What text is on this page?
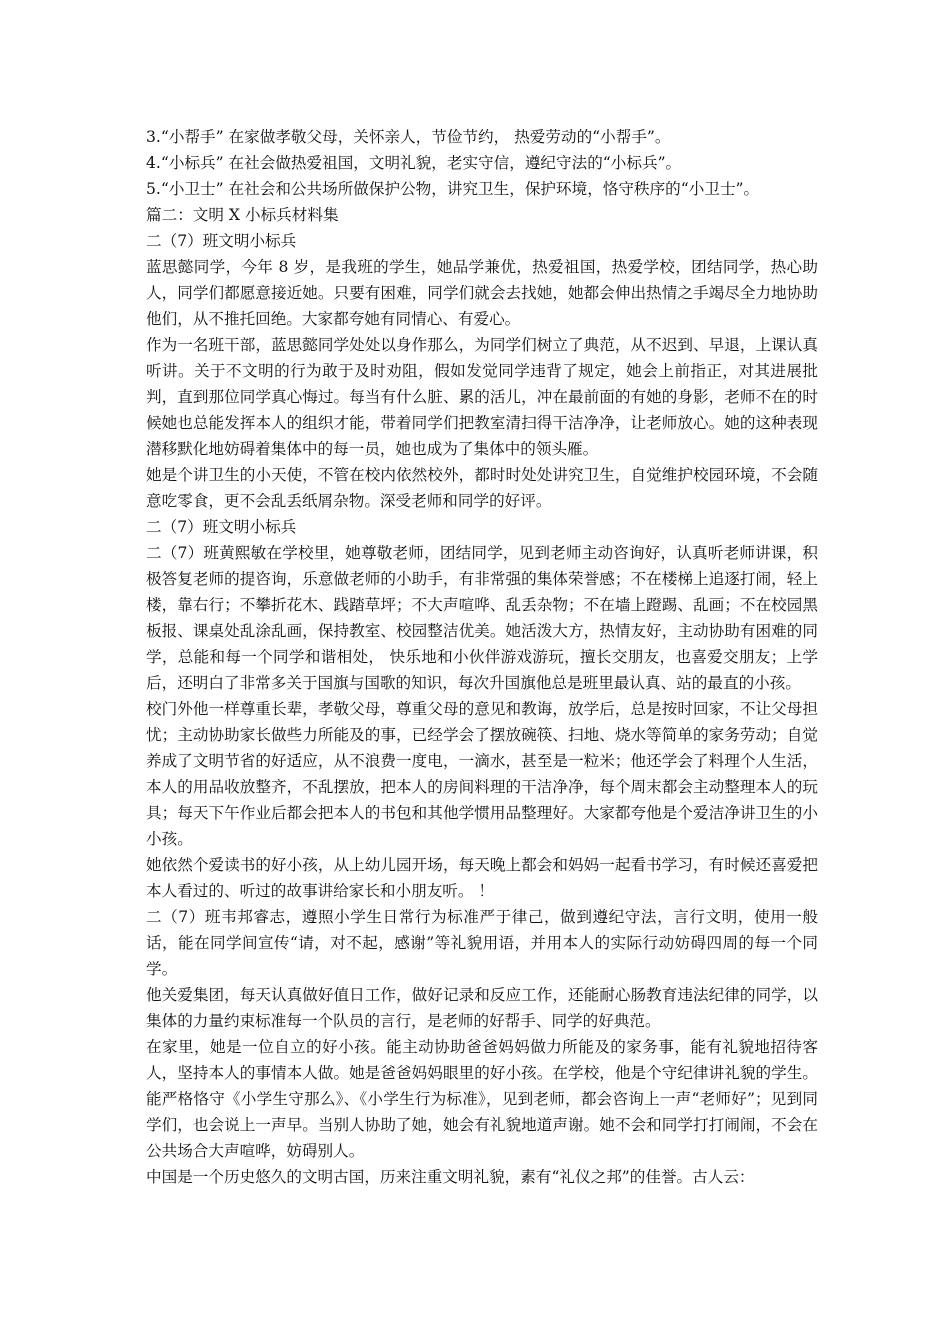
3.“小帮手” 在家做孝敬父母，关怀亲人，节俭节约， 热爱劳动的“小帮手”。

4.“小标兵” 在社会做热爱祖国，文明礼貌，老实守信，遵纪守法的“小标兵”。

5.“小卫士” 在社会和公共场所做保护公物，讲究卫生，保护环境，恪守秩序的“小卫士”。

篇二：文明 X 小标兵材料集

二（7）班文明小标兵

蓝思懿同学，今年 8 岁，是我班的学生，她品学兼优，热爱祖国，热爱学校，团结同学，热心助人，同学们都愿意接近她。只要有困难，同学们就会去找她，她都会伸出热情之手竭尽全力地协助他们，从不推托回绝。大家都夸她有同情心、有爱心。

作为一名班干部，蓝思懿同学处处以身作那么，为同学们树立了典范，从不迟到、早退，上课认真听讲。关于不文明的行为敢于及时劝阻，假如发觉同学违背了规定，她会上前指正，对其进展批判，直到那位同学真心悔过。每当有什么脏、累的活儿，冲在最前面的有她的身影，老师不在的时候她也总能发挥本人的组织才能，带着同学们把教室清扫得干洁净净，让老师放心。她的这种表现潜移默化地妨碍着集体中的每一员，她也成为了集体中的领头雁。

她是个讲卫生的小天使，不管在校内依然校外，都时时处处讲究卫生，自觉维护校园环境，不会随意吃零食，更不会乱丢纸屑杂物。深受老师和同学的好评。

二（7）班文明小标兵

二（7）班黄熙敏在学校里，她尊敬老师，团结同学，见到老师主动咨询好，认真听老师讲课，积极答复老师的提咨询，乐意做老师的小助手，有非常强的集体荣誉感；不在楼梯上追逐打闹，轻上楼，靠右行；不攀折花木、践踏草坪；不大声喧哗、乱丢杂物；不在墙上蹬踢、乱画；不在校园黑板报、课桌处乱涂乱画，保持教室、校园整洁优美。她活泼大方，热情友好，主动协助有困难的同学，总能和每一个同学和谐相处， 快乐地和小伙伴游戏游玩，擅长交朋友，也喜爱交朋友；上学后，还明白了非常多关于国旗与国歌的知识，每次升国旗他总是班里最认真、站的最直的小孩。

校门外他一样尊重长辈，孝敬父母，尊重父母的意见和教诲，放学后，总是按时回家，不让父母担忧；主动协助家长做些力所能及的事，已经学会了摆放碗筷、扫地、烧水等简单的家务劳动；自觉养成了文明节省的好适应，从不浪费一度电，一滴水，甚至是一粒米；他还学会了料理个人生活，本人的用品收放整齐，不乱摆放，把本人的房间料理的干洁净净，每个周末都会主动整理本人的玩具；每天下午作业后都会把本人的书包和其他学惯用品整理好。大家都夸他是个爱洁净讲卫生的小小孩。

她依然个爱读书的好小孩，从上幼儿园开场，每天晚上都会和妈妈一起看书学习，有时候还喜爱把本人看过的、听过的故事讲给家长和小朋友听。 ！

二（7）班韦邦睿志，遵照小学生日常行为标准严于律己，做到遵纪守法，言行文明，使用一般话，能在同学间宣传“请，对不起，感谢”等礼貌用语，并用本人的实际行动妨碍四周的每一个同学。

他关爱集团，每天认真做好值日工作，做好记录和反应工作，还能耐心肠教育违法纪律的同学，以集体的力量约束标准每一个队员的言行，是老师的好帮手、同学的好典范。

在家里，她是一位自立的好小孩。能主动协助爸爸妈妈做力所能及的家务事，能有礼貌地招待客人，坚持本人的事情本人做。她是爸爸妈妈眼里的好小孩。在学校，他是个守纪律讲礼貌的学生。能严格恪守《小学生守那么》、《小学生行为标准》，见到老师，都会咨询上一声“老师好”；见到同学们，也会说上一声早。当别人协助了她，她会有礼貌地道声谢。她不会和同学打打闹闹，不会在公共场合大声喧哗，妨碍别人。

中国是一个历史悠久的文明古国，历来注重文明礼貌，素有“礼仪之邦”的佳誉。古人云：
